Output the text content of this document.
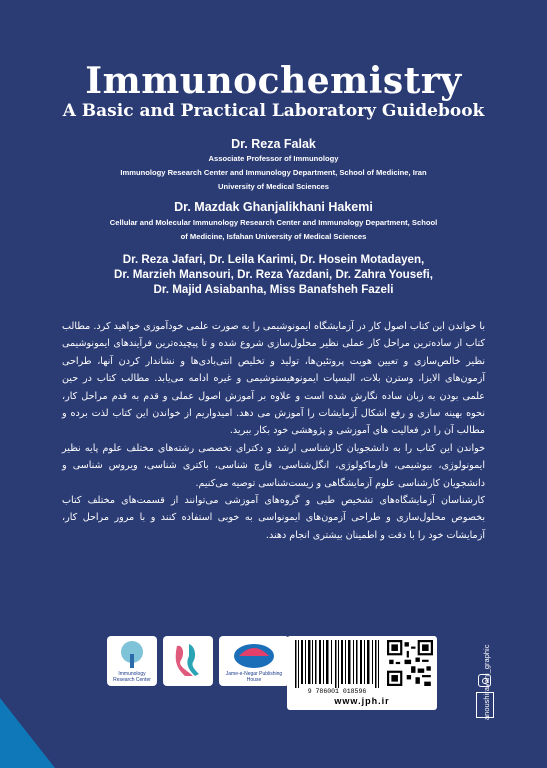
Immunochemistry
A Basic and Practical Laboratory Guidebook
Dr. Reza Falak
Associate Professor of Immunology
Immunology Research Center and Immunology Department, School of Medicine, Iran
University of Medical Sciences
Dr. Mazdak Ghanjalikhani Hakemi
Cellular and Molecular Immunology Research Center and Immunology Department, School
of Medicine, Isfahan University of Medical Sciences
Dr. Reza Jafari, Dr. Leila Karimi, Dr. Hosein Motadayen,
Dr. Marzieh Mansouri, Dr. Reza Yazdani, Dr. Zahra Yousefi,
Dr. Majid Asiabanha, Miss Banafsheh Fazeli

با خواندن این کتاب اصول کار در آزمایشگاه ایمونوشیمی را به صورت علمی خودآموزی خواهید کرد. مطالب کتاب از ساده‌ترین مراحل کار عملی نظیر محلول‌سازی شروع شده و تا پیچیده‌ترین فرآیندهای ایمونوشیمی نظیر خالص‌سازی و تعیین هویت پروتئین‌ها، تولید و تخلیص انتی‌بادی‌ها و نشاندار کردن آنها، طراحی آزمون‌های الایزا، وسترن بلات، الیسپات ایمونوهیستوشیمی و غیره ادامه می‌یابد. مطالب کتاب در حین علمی بودن به زبان ساده نگارش شده است و علاوه بر آموزش اصول عملی و قدم به قدم مراحل کار، نحوه بهینه سازی و رفع اشکال آزمایشات را آموزش می دهد. امیدواریم از خواندن این کتاب لذت برده و مطالب آن را در فعالیت های آموزشی و پژوهشی خود بکار ببرید.

خواندن این کتاب را به دانشجویان کارشناسی ارشد و دکترای تخصصی رشته‌های مختلف علوم پایه نظیر ایمونولوژی، بیوشیمی، فارماکولوژی، انگل‌شناسی، قارچ شناسی، باکتری شناسی، ویروس شناسی و دانشجویان کارشناسی علوم آزمایشگاهی و زیست‌شناسی توصیه می‌کنیم.

کارشناسان آزمایشگاه‌های تشخیص طبی و گروه‌های آموزشی می‌توانند از قسمت‌های مختلف کتاب بخصوص محلول‌سازی و طراحی آزمون‌های ایمونواسی به خوبی استفاده کنند و با مرور مراحل کار، آزمایشات خود را با دقت و اطمینان بیشتری انجام دهند.

Immunology Research Center
Jame-e-Negar Publishing House
9 786001 018596
www.jph.ir	anoushiravani_graphic
